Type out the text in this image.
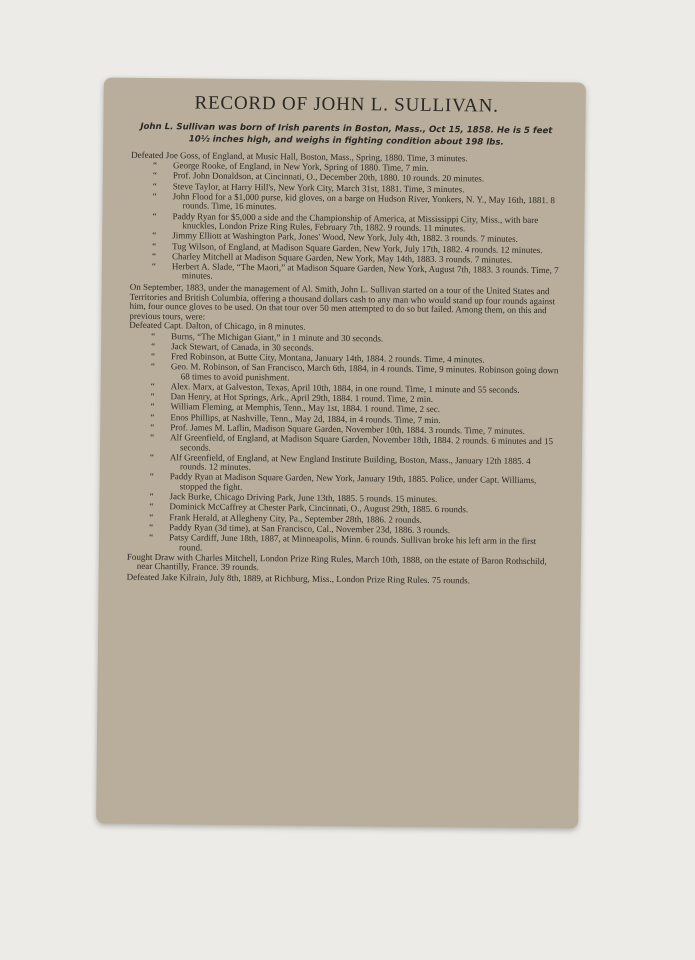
RECORD OF JOHN L. SULLIVAN.
John L. Sullivan was born of Irish parents in Boston, Mass., Oct 15, 1858. He is 5 feet 10½ inches high, and weighs in fighting condition about 198 lbs.
Defeated Joe Goss, of England, at Music Hall, Boston, Mass., Spring, 1880. Time, 3 minutes.
“ George Rooke, of England, in New York, Spring of 1880. Time, 7 min.
“ Prof. John Donaldson, at Cincinnati, O., December 20th, 1880. 10 rounds. 20 minutes.
“ Steve Taylor, at Harry Hill's, New York City, March 31st, 1881. Time, 3 minutes.
“ John Flood for a $1,000 purse, kid gloves, on a barge on Hudson River, Yonkers, N. Y., May 16th, 1881. 8 rounds. Time, 16 minutes.
“ Paddy Ryan for $5,000 a side and the Championship of America, at Mississippi City, Miss., with bare knuckles, London Prize Ring Rules, February 7th, 1882. 9 rounds. 11 minutes.
“ Jimmy Elliott at Washington Park, Jones' Wood, New York, July 4th, 1882. 3 rounds. 7 minutes.
“ Tug Wilson, of England, at Madison Square Garden, New York, July 17th, 1882. 4 rounds. 12 minutes.
“ Charley Mitchell at Madison Square Garden, New York, May 14th, 1883. 3 rounds. 7 minutes.
“ Herbert A. Slade, “The Maori,” at Madison Square Garden, New York, August 7th, 1883. 3 rounds. Time, 7 minutes.
On September, 1883, under the management of Al. Smith, John L. Sullivan started on a tour of the United States and Territories and British Columbia, offering a thousand dollars cash to any man who would stand up four rounds against him, four ounce gloves to be used. On that tour over 50 men attempted to do so but failed. Among them, on this and previous tours, were:
Defeated Capt. Dalton, of Chicago, in 8 minutes.
“ Burns, “The Michigan Giant,” in 1 minute and 30 seconds.
“ Jack Stewart, of Canada, in 30 seconds.
“ Fred Robinson, at Butte City, Montana, January 14th, 1884. 2 rounds. Time, 4 minutes.
“ Geo. M. Robinson, of San Francisco, March 6th, 1884, in 4 rounds. Time, 9 minutes. Robinson going down 68 times to avoid punishment.
“ Alex. Marx, at Galveston, Texas, April 10th, 1884, in one round. Time, 1 minute and 55 seconds.
“ Dan Henry, at Hot Springs, Ark., April 29th, 1884. 1 round. Time, 2 min.
“ William Fleming, at Memphis, Tenn., May 1st, 1884. 1 round. Time, 2 sec.
“ Enos Phillips, at Nashville, Tenn., May 2d, 1884, in 4 rounds. Time, 7 min.
“ Prof. James M. Laflin, Madison Square Garden, November 10th, 1884. 3 rounds. Time, 7 minutes.
“ Alf Greenfield, of England, at Madison Square Garden, November 18th, 1884. 2 rounds. 6 minutes and 15 seconds.
“ Alf Greenfield, of England, at New England Institute Building, Boston, Mass., January 12th 1885. 4 rounds. 12 minutes.
“ Paddy Ryan at Madison Square Garden, New York, January 19th, 1885. Police, under Capt. Williams, stopped the fight.
“ Jack Burke, Chicago Driving Park, June 13th, 1885. 5 rounds. 15 minutes.
“ Dominick McCaffrey at Chester Park, Cincinnati, O., August 29th, 1885. 6 rounds.
“ Frank Herald, at Allegheny City, Pa., September 28th, 1886. 2 rounds.
“ Paddy Ryan (3d time), at San Francisco, Cal., November 23d, 1886. 3 rounds.
“ Patsy Cardiff, June 18th, 1887, at Minneapolis, Minn. 6 rounds. Sullivan broke his left arm in the first round.
Fought Draw with Charles Mitchell, London Prize Ring Rules, March 10th, 1888, on the estate of Baron Rothschild, near Chantilly, France. 39 rounds.
Defeated Jake Kilrain, July 8th, 1889, at Richburg, Miss., London Prize Ring Rules. 75 rounds.
